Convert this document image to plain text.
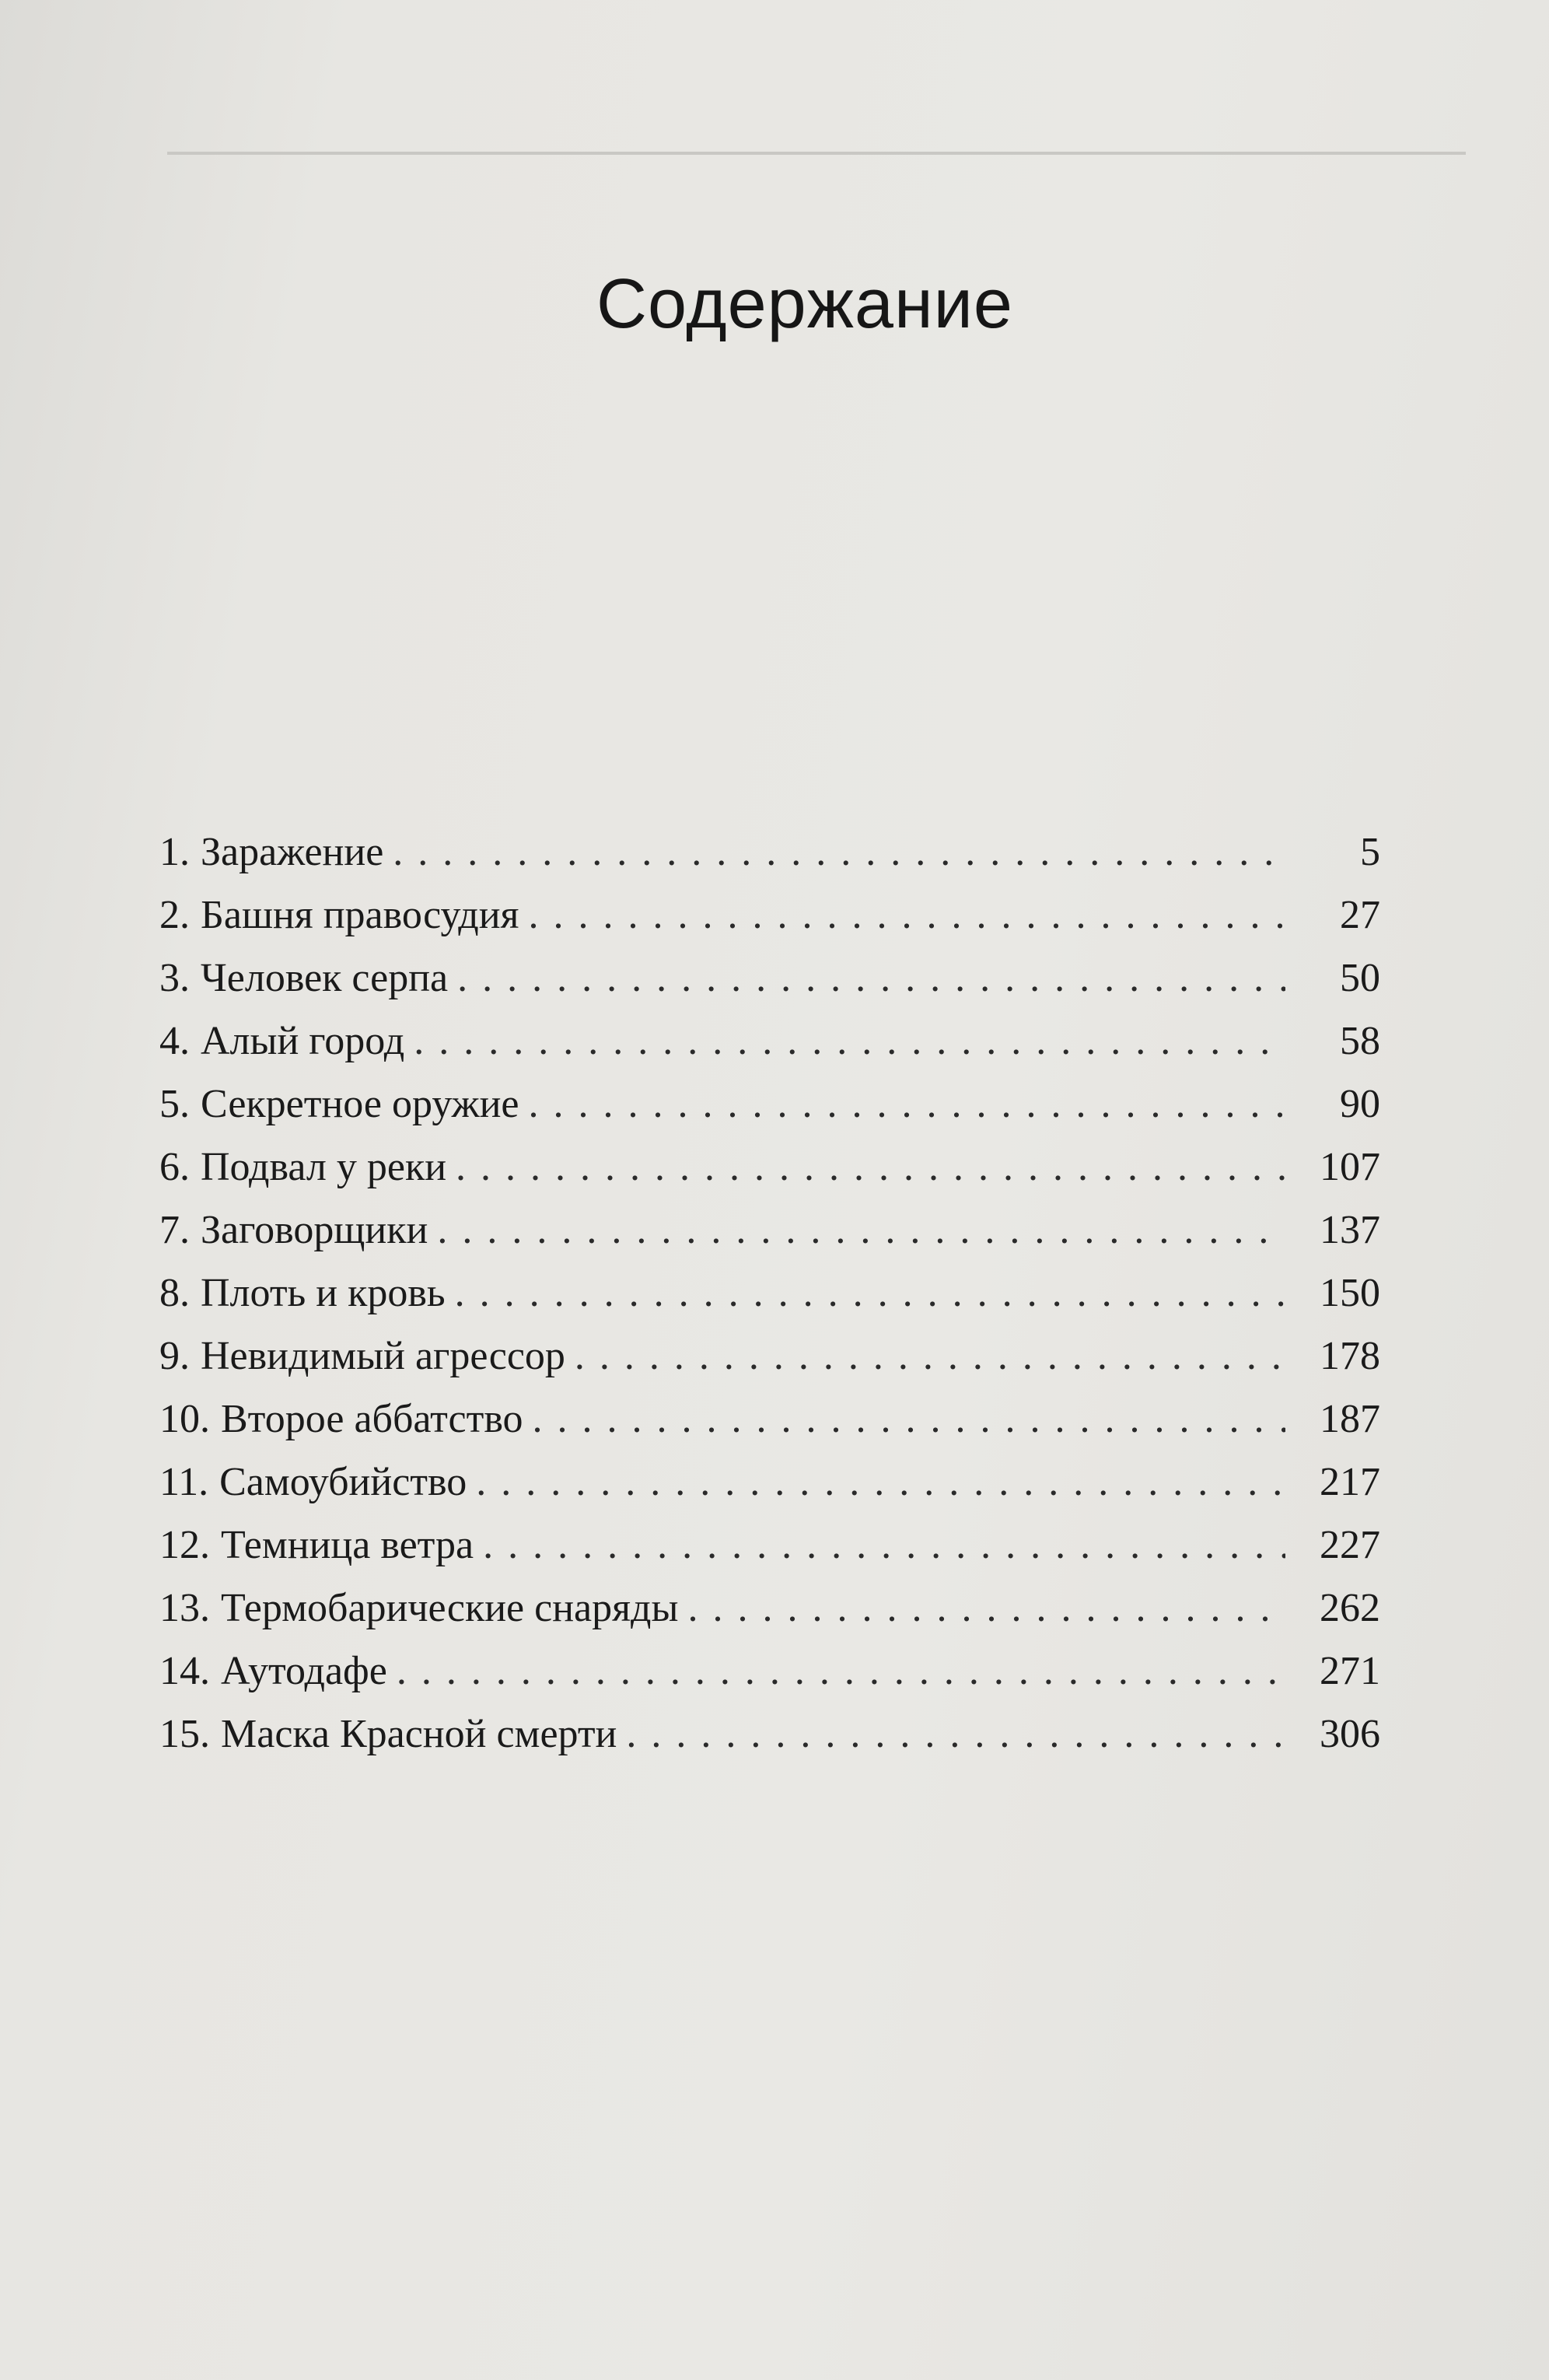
Содержание
1. Заражение . . .	5
2. Башня правосудия . . .	27
3. Человек серпа . . .	50
4. Алый город . . .	58
5. Секретное оружие . . .	90
6. Подвал у реки . . .	107
7. Заговорщики . . .	137
8. Плоть и кровь . . .	150
9. Невидимый агрессор . . .	178
10. Второе аббатство . . .	187
11. Самоубийство . . .	217
12. Темница ветра . . .	227
13. Термобарические снаряды . . .	262
14. Аутодафе . . .	271
15. Маска Красной смерти . . .	306
